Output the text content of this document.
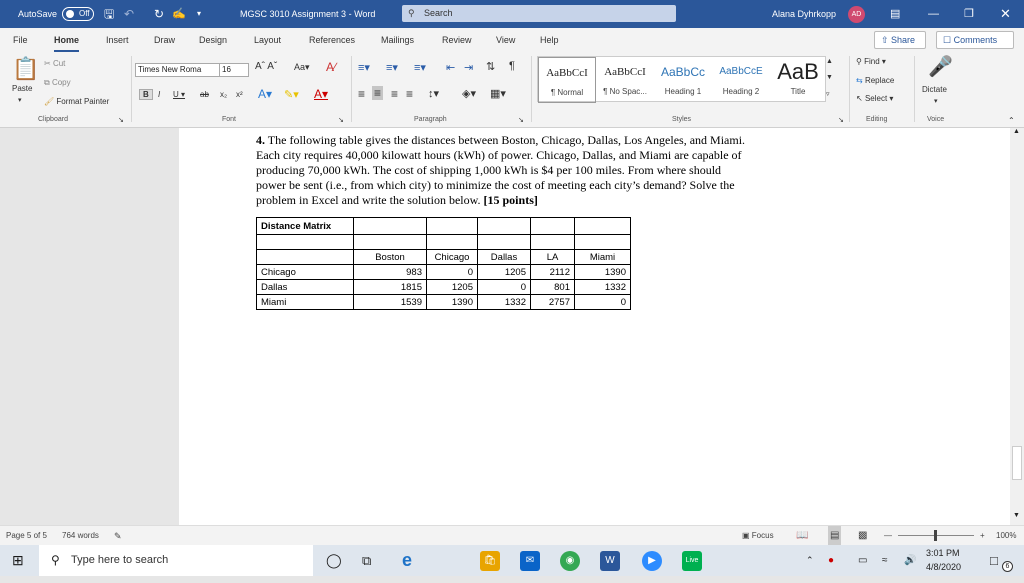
AutoSave	Off	🖫 ↶ ↻ ✍ ▾	MGSC 3010 Assignment 3 - Word	⚲ Search	Alana Dyhrkopp	AD	▤	— ❐ ✕
File	Home	Insert	Draw	Design	Layout	References	Mailings	Review	View	Help	⇧ Share	☐ Comments
📋
Paste
▾
✂ Cut
⧉ Copy
🖌 Format Painter
Clipboard	↘
Times New Roma	16	Aˆ Aˇ Aa▾ A∕
B	I U ▾ ab x₂ x² A▾ ✎▾ A▾
Font	↘
≡▾ ≡▾ ≡▾ ⇤ ⇥ ⇅ ¶
≡ ≡ ≡ ≡ ↕▾ ◈▾ ▦▾
Paragraph	↘
AaBbCcI
¶ Normal
AaBbCcI
¶ No Spac...
AaBbCc
Heading 1
AaBbCcE
Heading 2
AaB
Title
▲
▼
▿
Styles	↘
⚲ Find ▾
⇆ Replace
↖ Select ▾
Editing
🎤
Dictate
▾
Voice	⌃
4. The following table gives the distances between Boston, Chicago, Dallas, Los Angeles, and Miami. Each city requires 40,000 kilowatt hours (kWh) of power. Chicago, Dallas, and Miami are capable of producing 70,000 kWh. The cost of shipping 1,000 kWh is $4 per 100 miles. From where should power be sent (i.e., from which city) to minimize the cost of meeting each city’s demand? Solve the problem in Excel and write the solution below. [15 points]
Distance Matrix					

	Boston	Chicago	Dallas	LA	Miami
Chicago	983	0	1205	2112	1390
Dallas	1815	1205	0	801	1332
Miami	1539	1390	1332	2757	0
▲
▼
Page 5 of 5 764 words ✎	▣ Focus 📖 ▤ ▩ —	+ 100%
⊞ ⚲ Type here to search	◯ ⧉ e	🛍	✉	◉	W	▶	Live	⌃ ● ▭ ≈ 🔊
3:01 PM
4/8/2020 □	6
